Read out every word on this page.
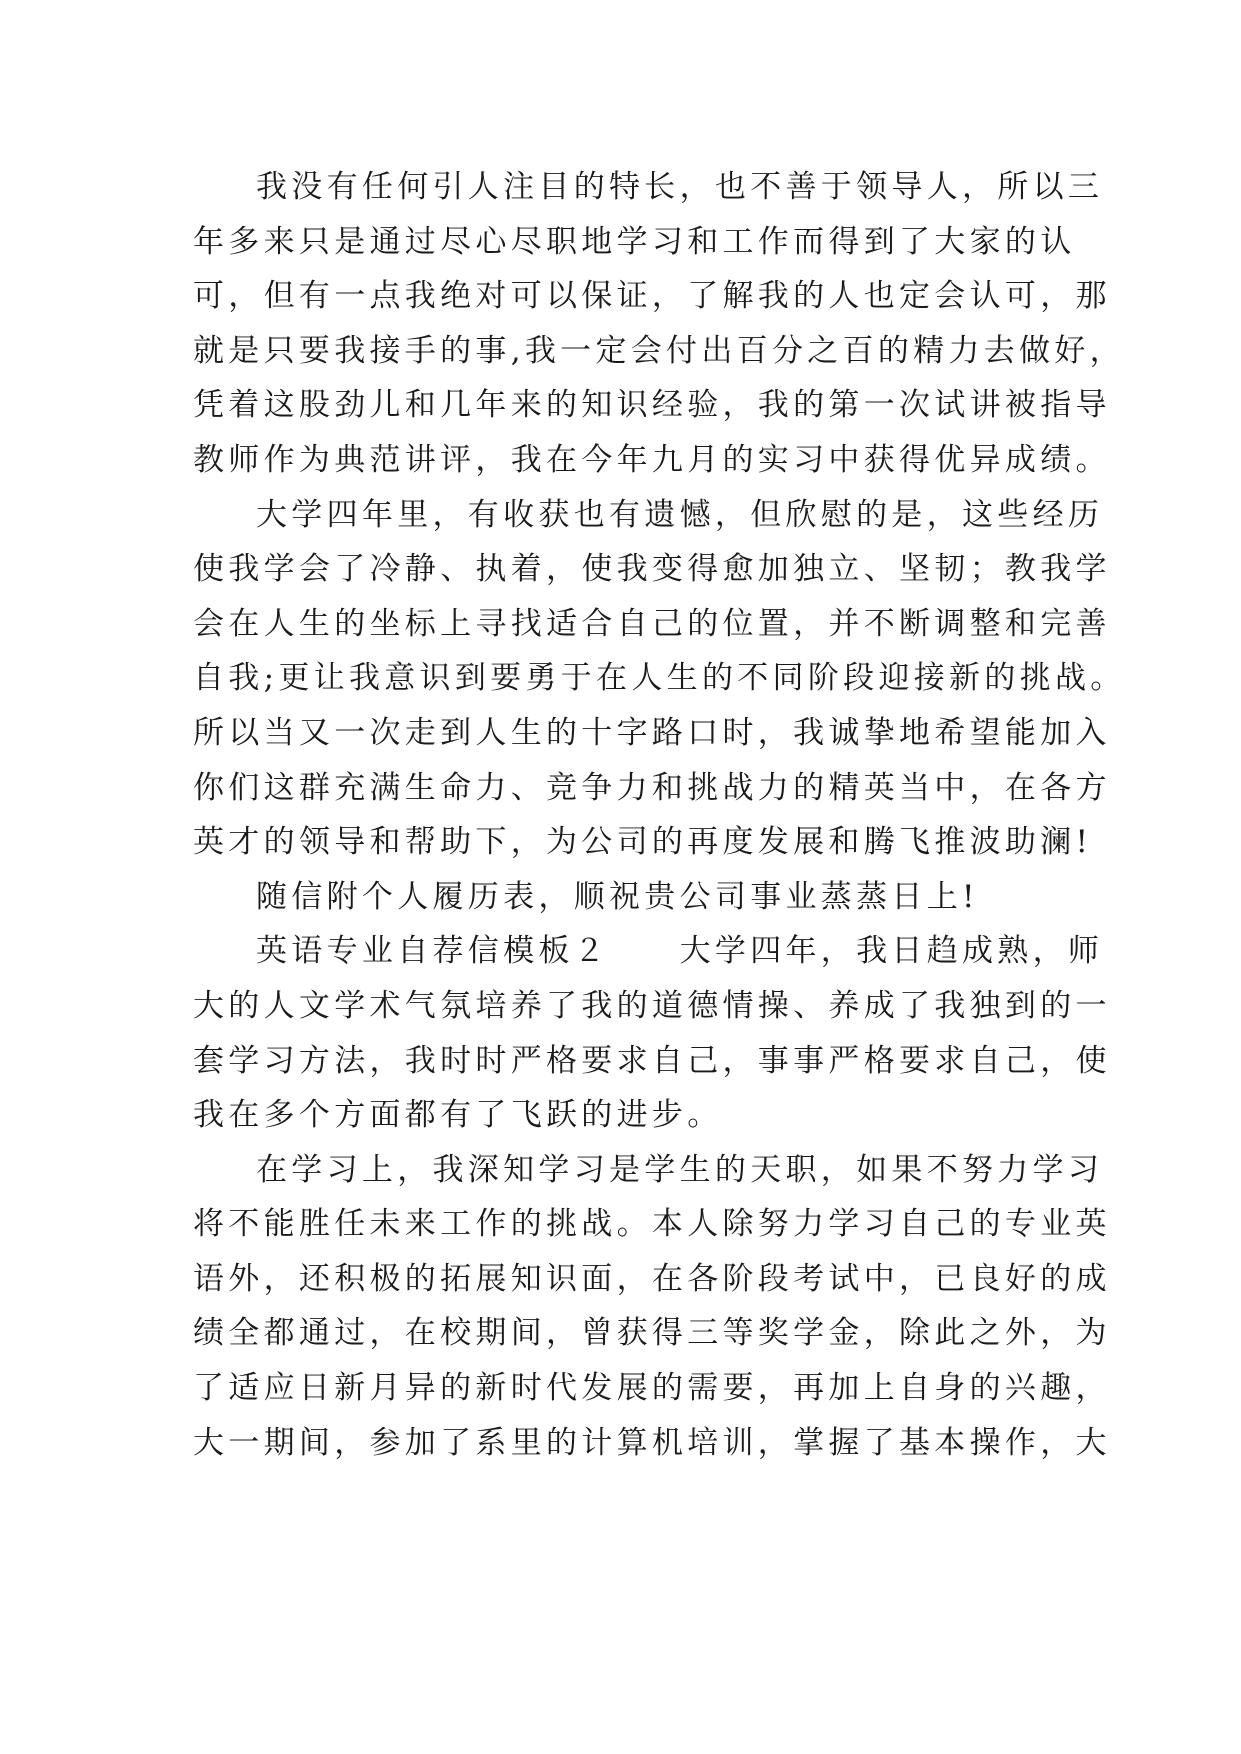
我没有任何引人注目的特长，也不善于领导人，所以三
年多来只是通过尽心尽职地学习和工作而得到了大家的认
可，但有一点我绝对可以保证，了解我的人也定会认可，那
就是只要我接手的事,我一定会付出百分之百的精力去做好，
凭着这股劲儿和几年来的知识经验，我的第一次试讲被指导
教师作为典范讲评，我在今年九月的实习中获得优异成绩。
大学四年里，有收获也有遗憾，但欣慰的是，这些经历
使我学会了冷静、执着，使我变得愈加独立、坚韧；教我学
会在人生的坐标上寻找适合自己的位置，并不断调整和完善
自我;更让我意识到要勇于在人生的不同阶段迎接新的挑战。
所以当又一次走到人生的十字路口时，我诚挚地希望能加入
你们这群充满生命力、竞争力和挑战力的精英当中，在各方
英才的领导和帮助下，为公司的再度发展和腾飞推波助澜!
随信附个人履历表，顺祝贵公司事业蒸蒸日上!
英语专业自荐信模板２　　大学四年，我日趋成熟，师
大的人文学术气氛培养了我的道德情操、养成了我独到的一
套学习方法，我时时严格要求自己，事事严格要求自己，使
我在多个方面都有了飞跃的进步。
在学习上，我深知学习是学生的天职，如果不努力学习
将不能胜任未来工作的挑战。本人除努力学习自己的专业英
语外，还积极的拓展知识面，在各阶段考试中，已良好的成
绩全都通过，在校期间，曾获得三等奖学金，除此之外，为
了适应日新月异的新时代发展的需要，再加上自身的兴趣，
大一期间，参加了系里的计算机培训，掌握了基本操作，大
